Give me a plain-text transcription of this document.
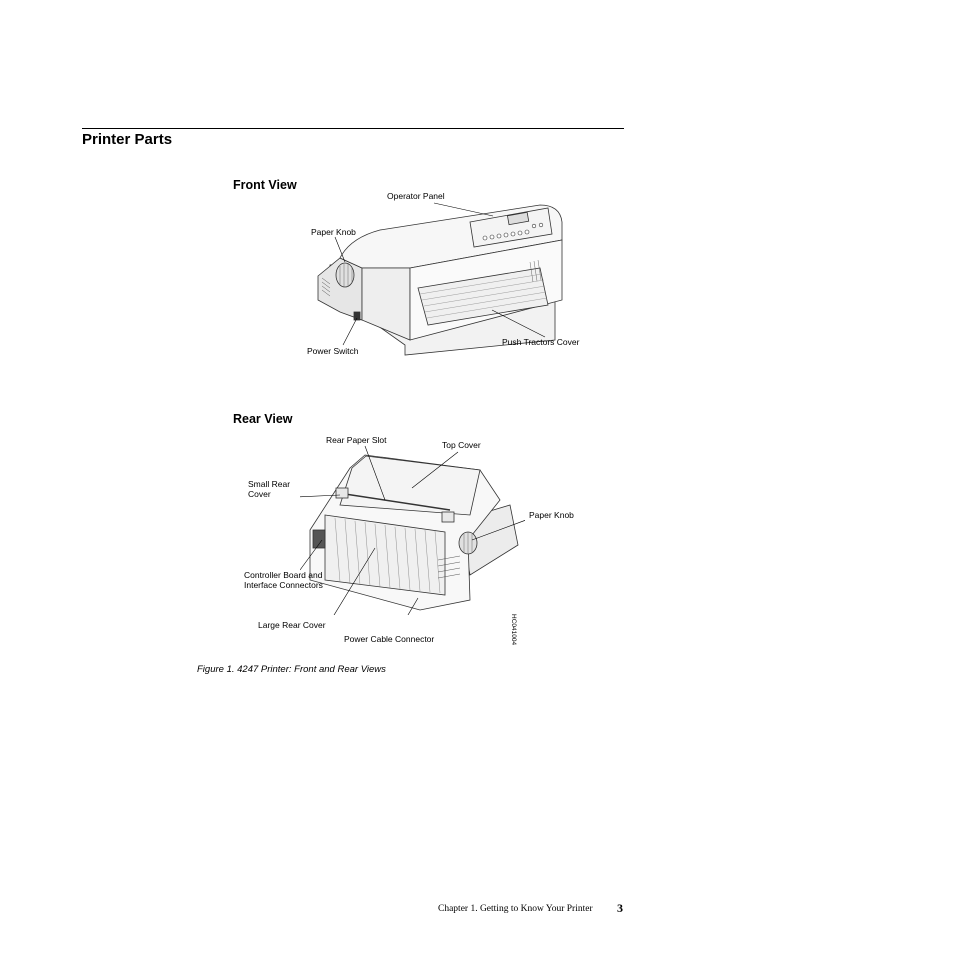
Printer Parts
Front View
Operator Panel
Paper Knob
Power Switch
Push Tractors Cover
Rear View
Rear Paper Slot	Top Cover
Small Rear
Cover
Paper Knob
Controller Board and
Interface Connectors
Large Rear Cover
Power Cable Connector	HC041004
Figure 1. 4247 Printer: Front and Rear Views
Chapter 1. Getting to Know Your Printer 3
